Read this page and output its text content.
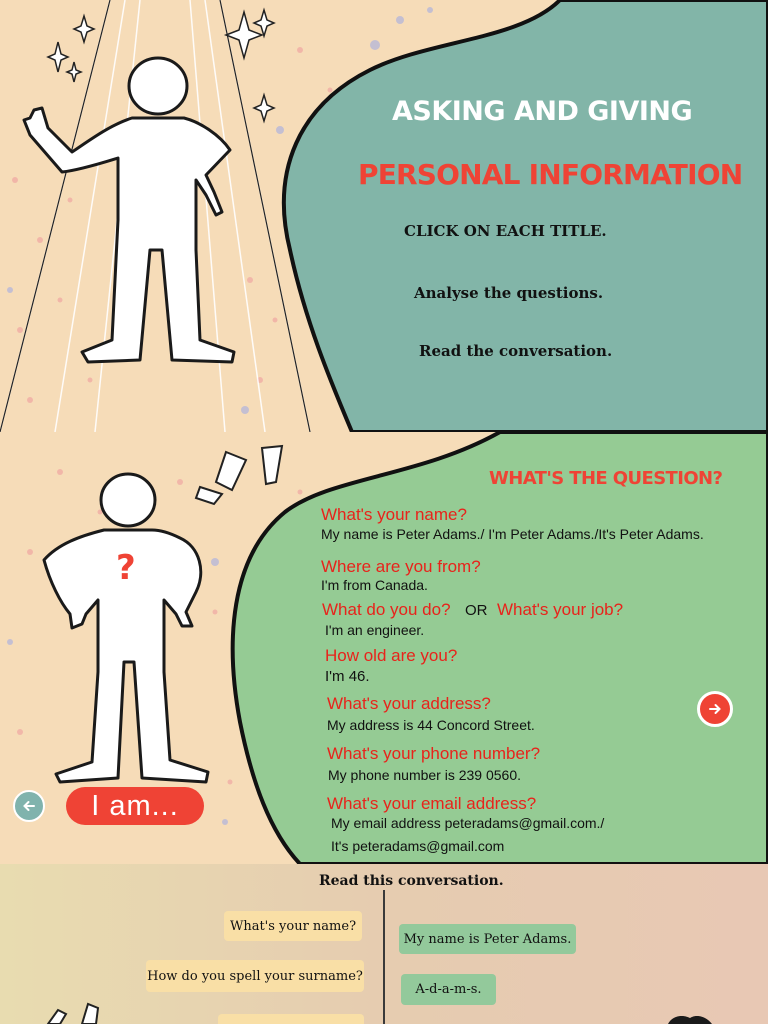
ASKING AND GIVING
PERSONAL INFORMATION
CLICK ON EACH TITLE.
Analyse the questions.
Read the conversation.
?
WHAT'S THE QUESTION?
What's your name?
My name is Peter Adams./ I'm Peter Adams./It's Peter Adams.
Where are you from?
I'm from Canada.
What do you do? OR What's your job?
I'm an engineer.
How old are you?
I'm 46.
What's your address?
My address is 44 Concord Street.
What's your phone number?
My phone number is 239 0560.
What's your email address?
My email address peteradams@gmail.com./
It's peteradams@gmail.com
I am...
Read this conversation.
What's your name?
How do you spell your surname?
My name is Peter Adams.
A-d-a-m-s.
